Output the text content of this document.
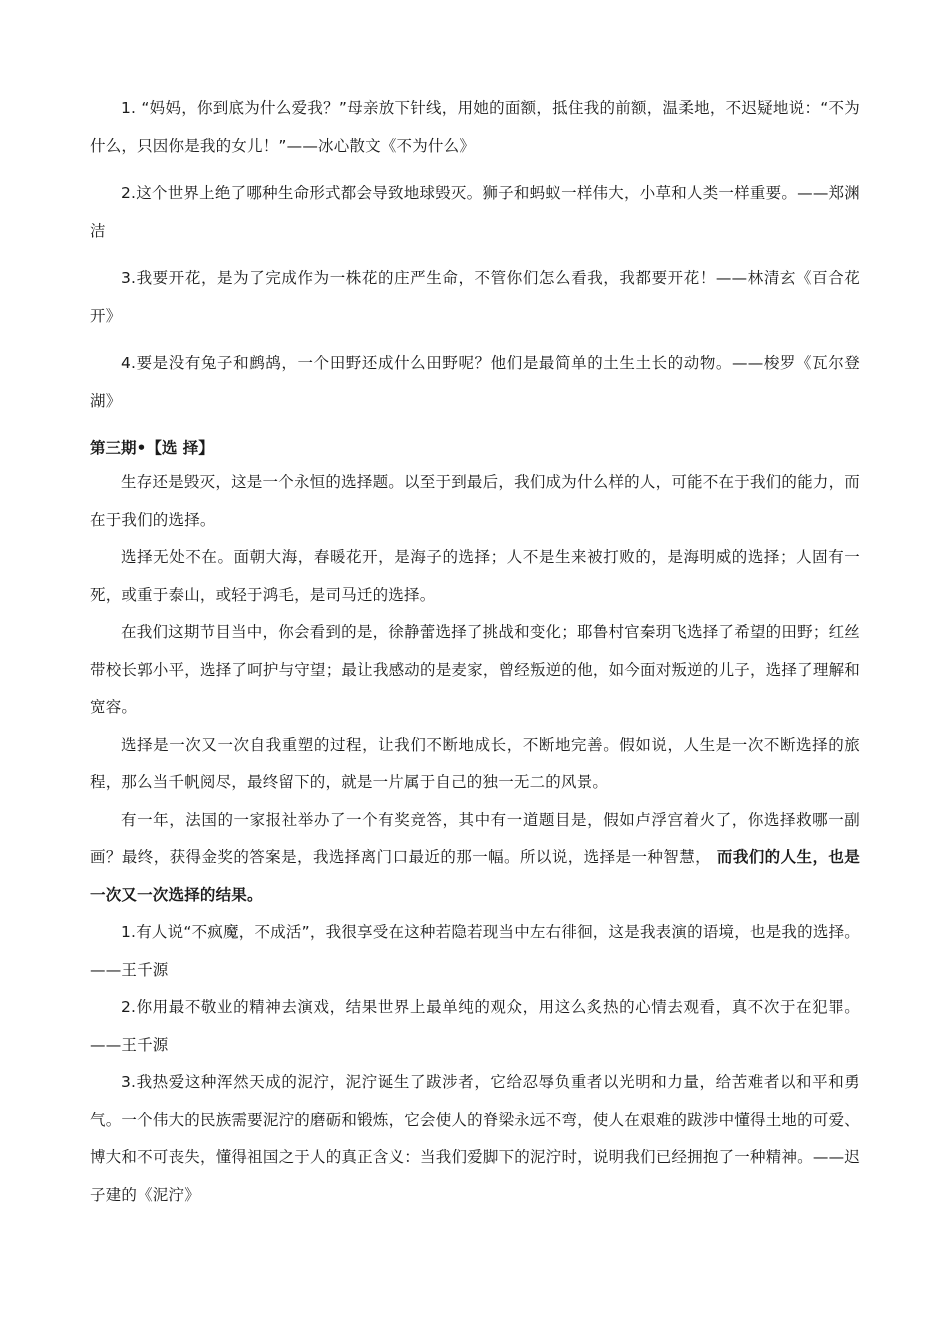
1. “妈妈，你到底为什么爱我？”母亲放下针线，用她的面额，抵住我的前额，温柔地，不迟疑地说：“不为什么，只因你是我的女儿！”——冰心散文《不为什么》

2.这个世界上绝了哪种生命形式都会导致地球毁灭。狮子和蚂蚁一样伟大，小草和人类一样重要。——郑渊洁

3.我要开花，是为了完成作为一株花的庄严生命，不管你们怎么看我，我都要开花！——林清玄《百合花开》

4.要是没有兔子和鹧鸪，一个田野还成什么田野呢？他们是最简单的土生土长的动物。——梭罗《瓦尔登湖》

第三期•【选 择】

生存还是毁灭，这是一个永恒的选择题。以至于到最后，我们成为什么样的人，可能不在于我们的能力，而在于我们的选择。

选择无处不在。面朝大海，春暖花开，是海子的选择；人不是生来被打败的，是海明威的选择；人固有一死，或重于泰山，或轻于鸿毛，是司马迁的选择。

在我们这期节目当中，你会看到的是，徐静蕾选择了挑战和变化；耶鲁村官秦玥飞选择了希望的田野；红丝带校长郭小平，选择了呵护与守望；最让我感动的是麦家，曾经叛逆的他，如今面对叛逆的儿子，选择了理解和宽容。

选择是一次又一次自我重塑的过程，让我们不断地成长，不断地完善。假如说，人生是一次不断选择的旅程，那么当千帆阅尽，最终留下的，就是一片属于自己的独一无二的风景。

有一年，法国的一家报社举办了一个有奖竞答，其中有一道题目是，假如卢浮宫着火了，你选择救哪一副画？最终，获得金奖的答案是，我选择离门口最近的那一幅。所以说，选择是一种智慧， 而我们的人生，也是一次又一次选择的结果。

1.有人说“不疯魔，不成活”，我很享受在这种若隐若现当中左右徘徊，这是我表演的语境，也是我的选择。——王千源

2.你用最不敬业的精神去演戏，结果世界上最单纯的观众，用这么炙热的心情去观看，真不次于在犯罪。——王千源

3.我热爱这种浑然天成的泥泞，泥泞诞生了跋涉者，它给忍辱负重者以光明和力量，给苦难者以和平和勇气。一个伟大的民族需要泥泞的磨砺和锻炼，它会使人的脊梁永远不弯，使人在艰难的跋涉中懂得土地的可爱、博大和不可丧失，懂得祖国之于人的真正含义：当我们爱脚下的泥泞时，说明我们已经拥抱了一种精神。——迟子建的《泥泞》
